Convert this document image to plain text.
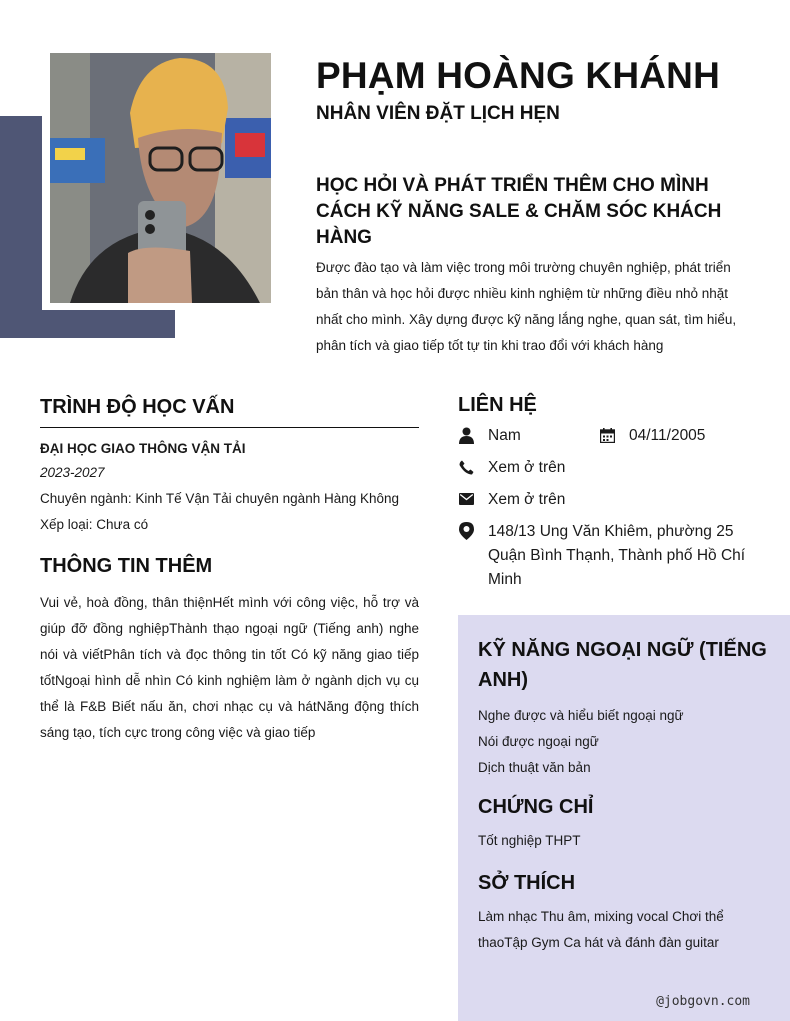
PHẠM HOÀNG KHÁNH
NHÂN VIÊN ĐẶT LỊCH HẸN
HỌC HỎI VÀ PHÁT TRIỂN THÊM CHO MÌNH CÁCH KỸ NĂNG SALE & CHĂM SÓC KHÁCH HÀNG
Được đào tạo và làm việc trong môi trường chuyên nghiệp, phát triển bản thân và học hỏi được nhiều kinh nghiệm từ những điều nhỏ nhặt nhất cho mình. Xây dựng được kỹ năng lắng nghe, quan sát, tìm hiểu, phân tích và giao tiếp tốt tự tin khi trao đổi với khách hàng
TRÌNH ĐỘ HỌC VẤN
ĐẠI HỌC GIAO THÔNG VẬN TẢI
2023-2027
Chuyên ngành: Kinh Tế Vận Tải chuyên ngành Hàng Không
Xếp loại: Chưa có
THÔNG TIN THÊM

Vui vẻ, hoà đồng, thân thiệnHết mình với công việc, hỗ trợ và giúp đỡ đồng nghiệpThành thạo ngoại ngữ (Tiếng anh) nghe nói và viếtPhân tích và đọc thông tin tốt Có kỹ năng giao tiếp tốtNgoại hình dễ nhìn Có kinh nghiệm làm ở ngành dịch vụ cụ thể là F&B Biết nấu ăn, chơi nhạc cụ và hátNăng động thích sáng tạo, tích cực trong công việc và giao tiếp

LIÊN HỆ
Nam	04/11/2005
Xem ở trên
Xem ở trên
148/13 Ung Văn Khiêm, phường 25 Quận Bình Thạnh, Thành phố Hồ Chí Minh
KỸ NĂNG NGOẠI NGỮ (TIẾNG ANH)
Nghe được và hiểu biết ngoại ngữ
Nói được ngoại ngữ
Dịch thuật văn bản
CHỨNG CHỈ
Tốt nghiệp THPT
SỞ THÍCH
Làm nhạc Thu âm, mixing vocal Chơi thể thaoTập Gym Ca hát và đánh đàn guitar
@jobgovn.com
